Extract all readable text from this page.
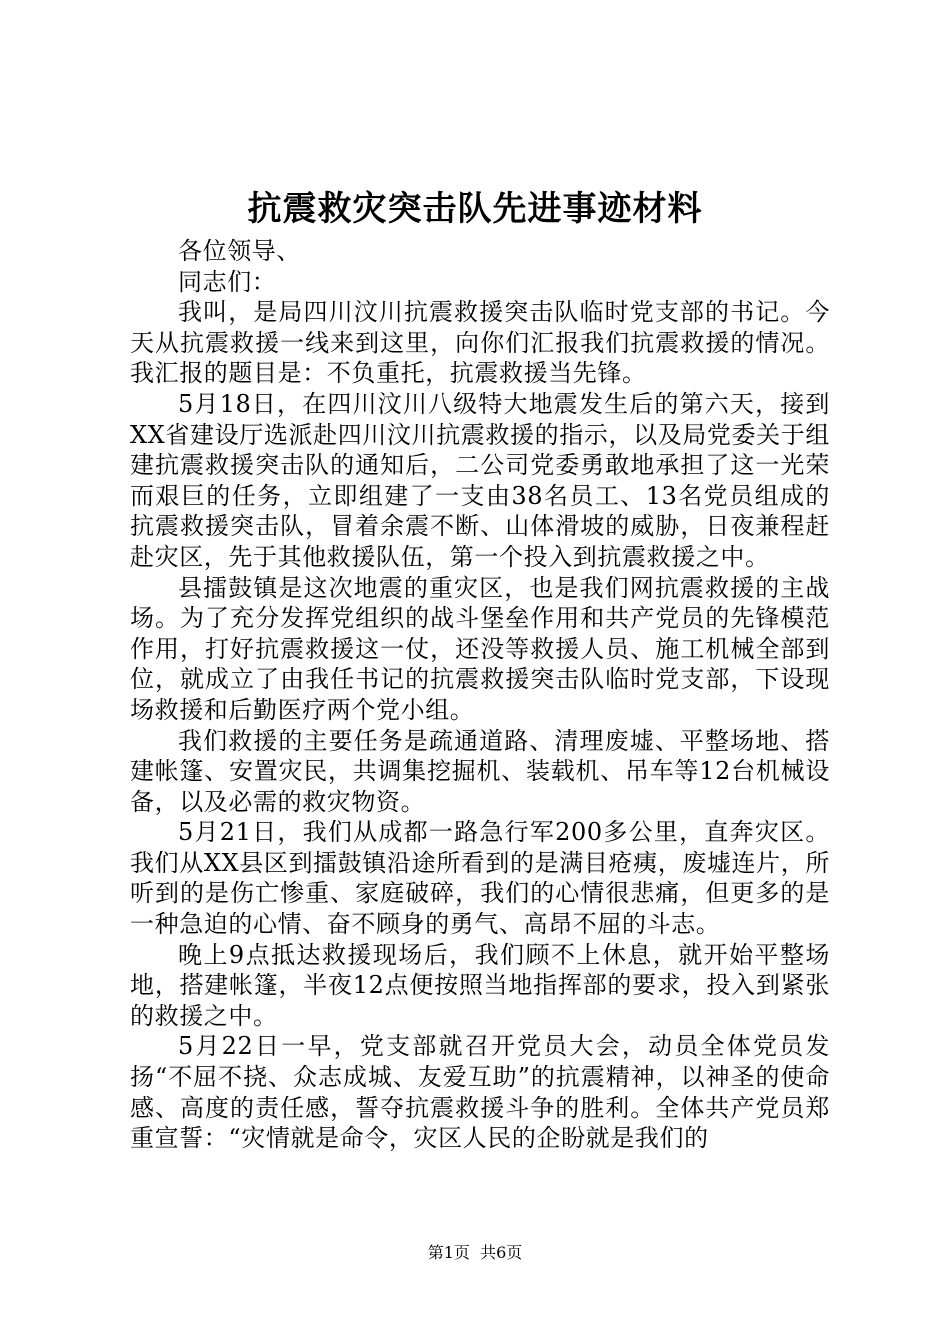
抗震救灾突击队先进事迹材料

各位领导、

同志们：

我叫，是局四川汶川抗震救援突击队临时党支部的书记。今天从抗震救援一线来到这里，向你们汇报我们抗震救援的情况。我汇报的题目是：不负重托，抗震救援当先锋。

5月18日，在四川汶川八级特大地震发生后的第六天，接到XX省建设厅选派赴四川汶川抗震救援的指示，以及局党委关于组建抗震救援突击队的通知后，二公司党委勇敢地承担了这一光荣而艰巨的任务，立即组建了一支由38名员工、13名党员组成的抗震救援突击队，冒着余震不断、山体滑坡的威胁，日夜兼程赶赴灾区，先于其他救援队伍，第一个投入到抗震救援之中。

县擂鼓镇是这次地震的重灾区，也是我们网抗震救援的主战场。为了充分发挥党组织的战斗堡垒作用和共产党员的先锋模范作用，打好抗震救援这一仗，还没等救援人员、施工机械全部到位，就成立了由我任书记的抗震救援突击队临时党支部，下设现场救援和后勤医疗两个党小组。

我们救援的主要任务是疏通道路、清理废墟、平整场地、搭建帐篷、安置灾民，共调集挖掘机、装载机、吊车等12台机械设备，以及必需的救灾物资。

5月21日，我们从成都一路急行军200多公里，直奔灾区。我们从XX县区到擂鼓镇沿途所看到的是满目疮痍，废墟连片，所听到的是伤亡惨重、家庭破碎，我们的心情很悲痛，但更多的是一种急迫的心情、奋不顾身的勇气、高昂不屈的斗志。

晚上9点抵达救援现场后，我们顾不上休息，就开始平整场地，搭建帐篷，半夜12点便按照当地指挥部的要求，投入到紧张的救援之中。

5月22日一早，党支部就召开党员大会，动员全体党员发扬“不屈不挠、众志成城、友爱互助”的抗震精神，以神圣的使命感、高度的责任感，誓夺抗震救援斗争的胜利。全体共产党员郑重宣誓：“灾情就是命令，灾区人民的企盼就是我们的

第1页  共6页
